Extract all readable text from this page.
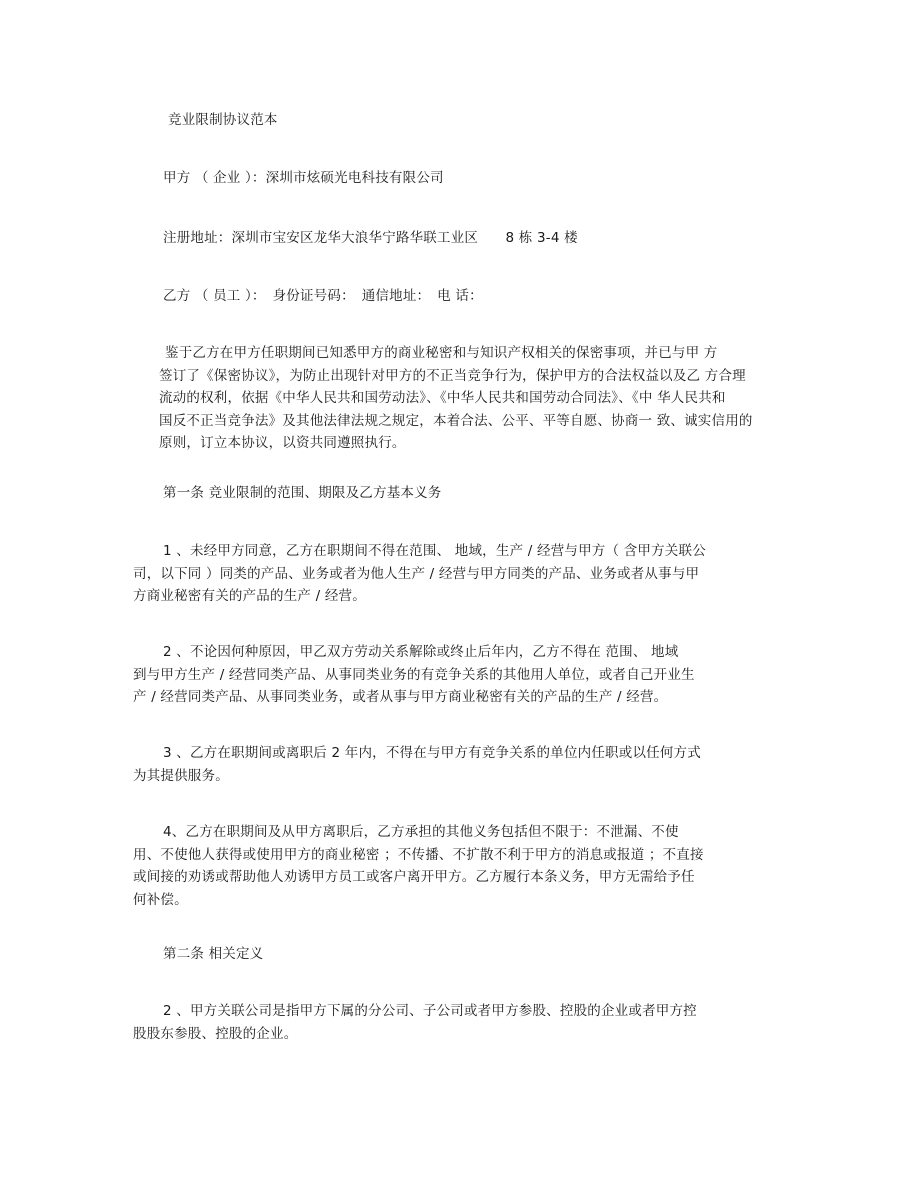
竞业限制协议范本
甲方 （ 企业 ）：深圳市炫硕光电科技有限公司
注册地址：深圳市宝安区龙华大浪华宁路华联工业区　　8 栋 3-4 楼
乙方 （ 员工 ）：　身份证号码：　通信地址：　电 话：
鉴于乙方在甲方任职期间已知悉甲方的商业秘密和与知识产权相关的保密事项，并已与甲 方
签订了《保密协议》，为防止出现针对甲方的不正当竞争行为，保护甲方的合法权益以及乙 方合理
流动的权利，依据《中华人民共和国劳动法》、《中华人民共和国劳动合同法》、《中 华人民共和
国反不正当竞争法》及其他法律法规之规定，本着合法、公平、平等自愿、协商一 致、诚实信用的
原则，订立本协议，以资共同遵照执行。
第一条 竞业限制的范围、期限及乙方基本义务
1 、未经甲方同意，乙方在职期间不得在范围、 地域，生产 / 经营与甲方（ 含甲方关联公
司，以下同 ）同类的产品、业务或者为他人生产 / 经营与甲方同类的产品、业务或者从事与甲
方商业秘密有关的产品的生产 / 经营。
2 、不论因何种原因，甲乙双方劳动关系解除或终止后年内，乙方不得在 范围、 地域
到与甲方生产 / 经营同类产品、从事同类业务的有竞争关系的其他用人单位，或者自己开业生
产 / 经营同类产品、从事同类业务，或者从事与甲方商业秘密有关的产品的生产 / 经营。
3 、乙方在职期间或离职后 2 年内，不得在与甲方有竞争关系的单位内任职或以任何方式
为其提供服务。
4、乙方在职期间及从甲方离职后，乙方承担的其他义务包括但不限于：不泄漏、不使
用、不使他人获得或使用甲方的商业秘密 ；不传播、不扩散不利于甲方的消息或报道 ；不直接
或间接的劝诱或帮助他人劝诱甲方员工或客户离开甲方。乙方履行本条义务，甲方无需给予任
何补偿。
第二条 相关定义
2 、甲方关联公司是指甲方下属的分公司、子公司或者甲方参股、控股的企业或者甲方控
股股东参股、控股的企业。
